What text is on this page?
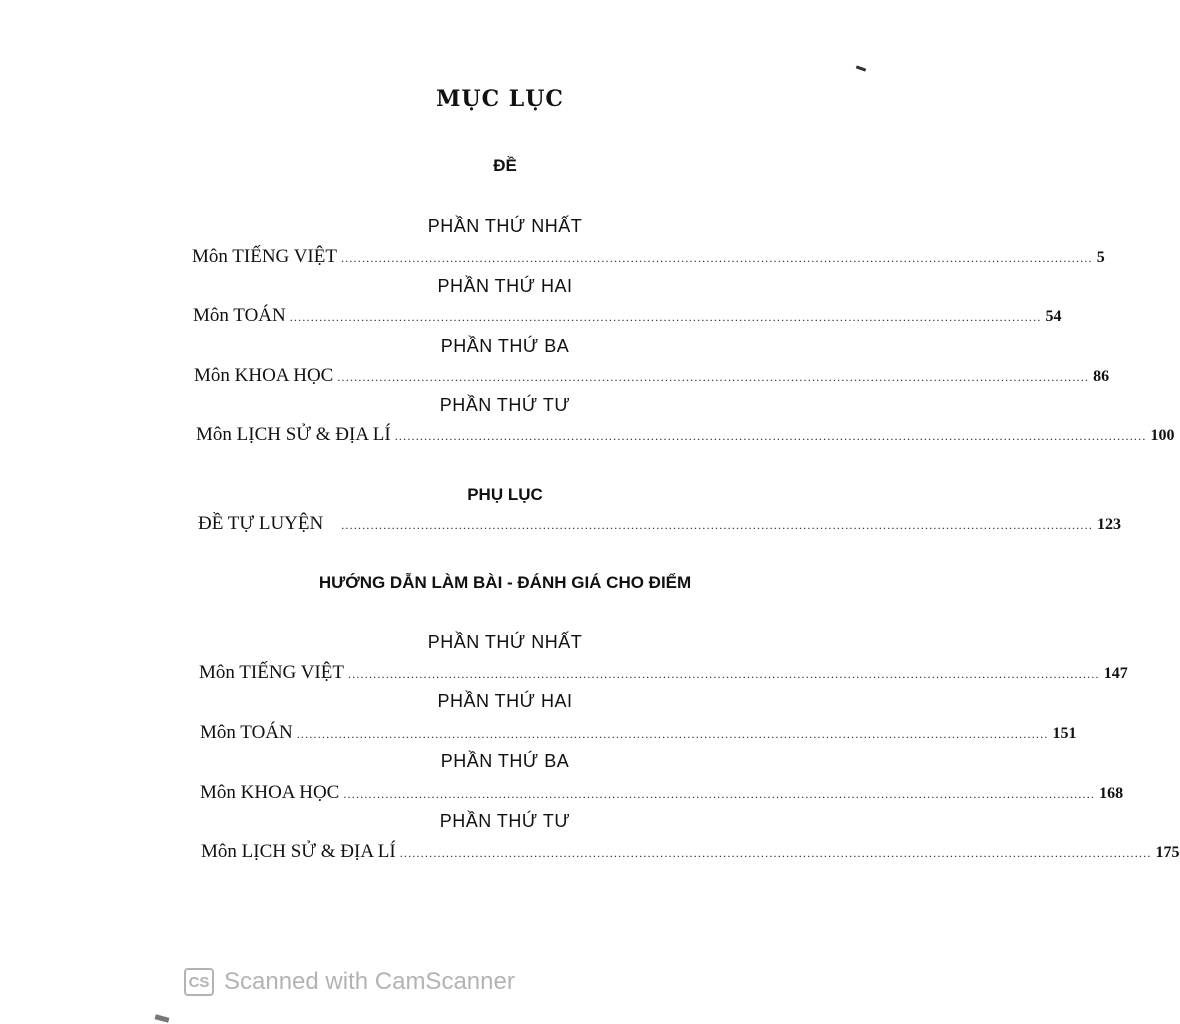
MỤC LỤC
ĐỀ
PHẦN THỨ NHẤT
Môn TIẾNG VIỆT ................................................................................................................................................................................... 5
PHẦN THỨ HAI
Môn TOÁN ................................................................................................................................................................................... 54
PHẦN THỨ BA
Môn KHOA HỌC ................................................................................................................................................................................... 86
PHẦN THỨ TƯ
Môn LỊCH SỬ & ĐỊA LÍ ................................................................................................................................................................................... 100
PHỤ LỤC
ĐỀ TỰ LUYỆN ................................................................................................................................................................................... 123
HƯỚNG DẪN LÀM BÀI - ĐÁNH GIÁ CHO ĐIỂM
PHẦN THỨ NHẤT
Môn TIẾNG VIỆT ................................................................................................................................................................................... 147
PHẦN THỨ HAI
Môn TOÁN ................................................................................................................................................................................... 151
PHẦN THỨ BA
Môn KHOA HỌC ................................................................................................................................................................................... 168
PHẦN THỨ TƯ
Môn LỊCH SỬ & ĐỊA LÍ ................................................................................................................................................................................... 175
CS Scanned with CamScanner
